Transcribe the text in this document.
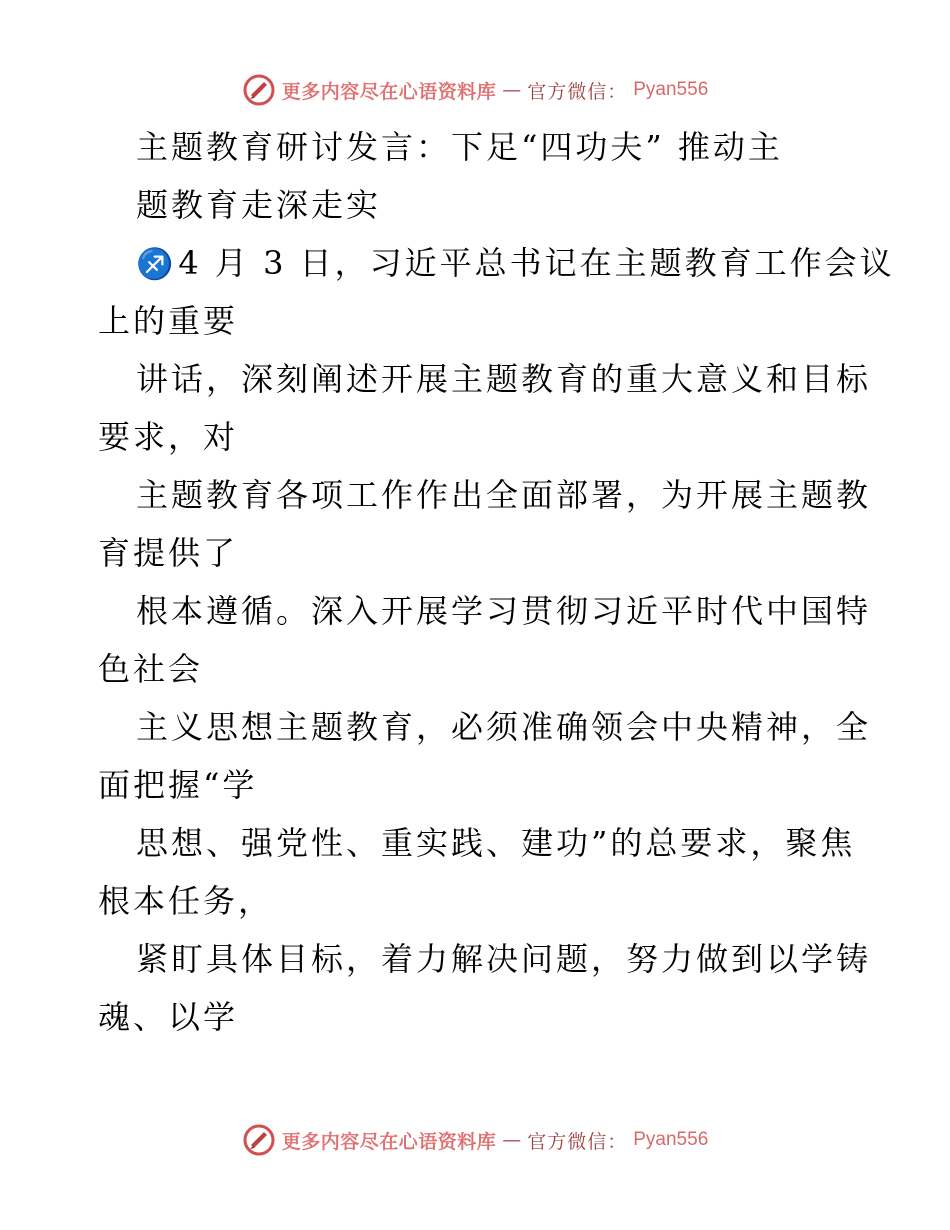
更多内容尽在心语资料库 — 官方微信： Pyan556
主题教育研讨发言：下足“四功夫” 推动主
题教育走深走实
♐4 月 3 日，习近平总书记在主题教育工作会议
上的重要
讲话，深刻阐述开展主题教育的重大意义和目标
要求，对
主题教育各项工作作出全面部署，为开展主题教
育提供了
根本遵循。深入开展学习贯彻习近平时代中国特
色社会
主义思想主题教育，必须准确领会中央精神，全
面把握“学
思想、强党性、重实践、建功”的总要求，聚焦
根本任务，
紧盯具体目标，着力解决问题，努力做到以学铸
魂、以学
更多内容尽在心语资料库 — 官方微信： Pyan556
